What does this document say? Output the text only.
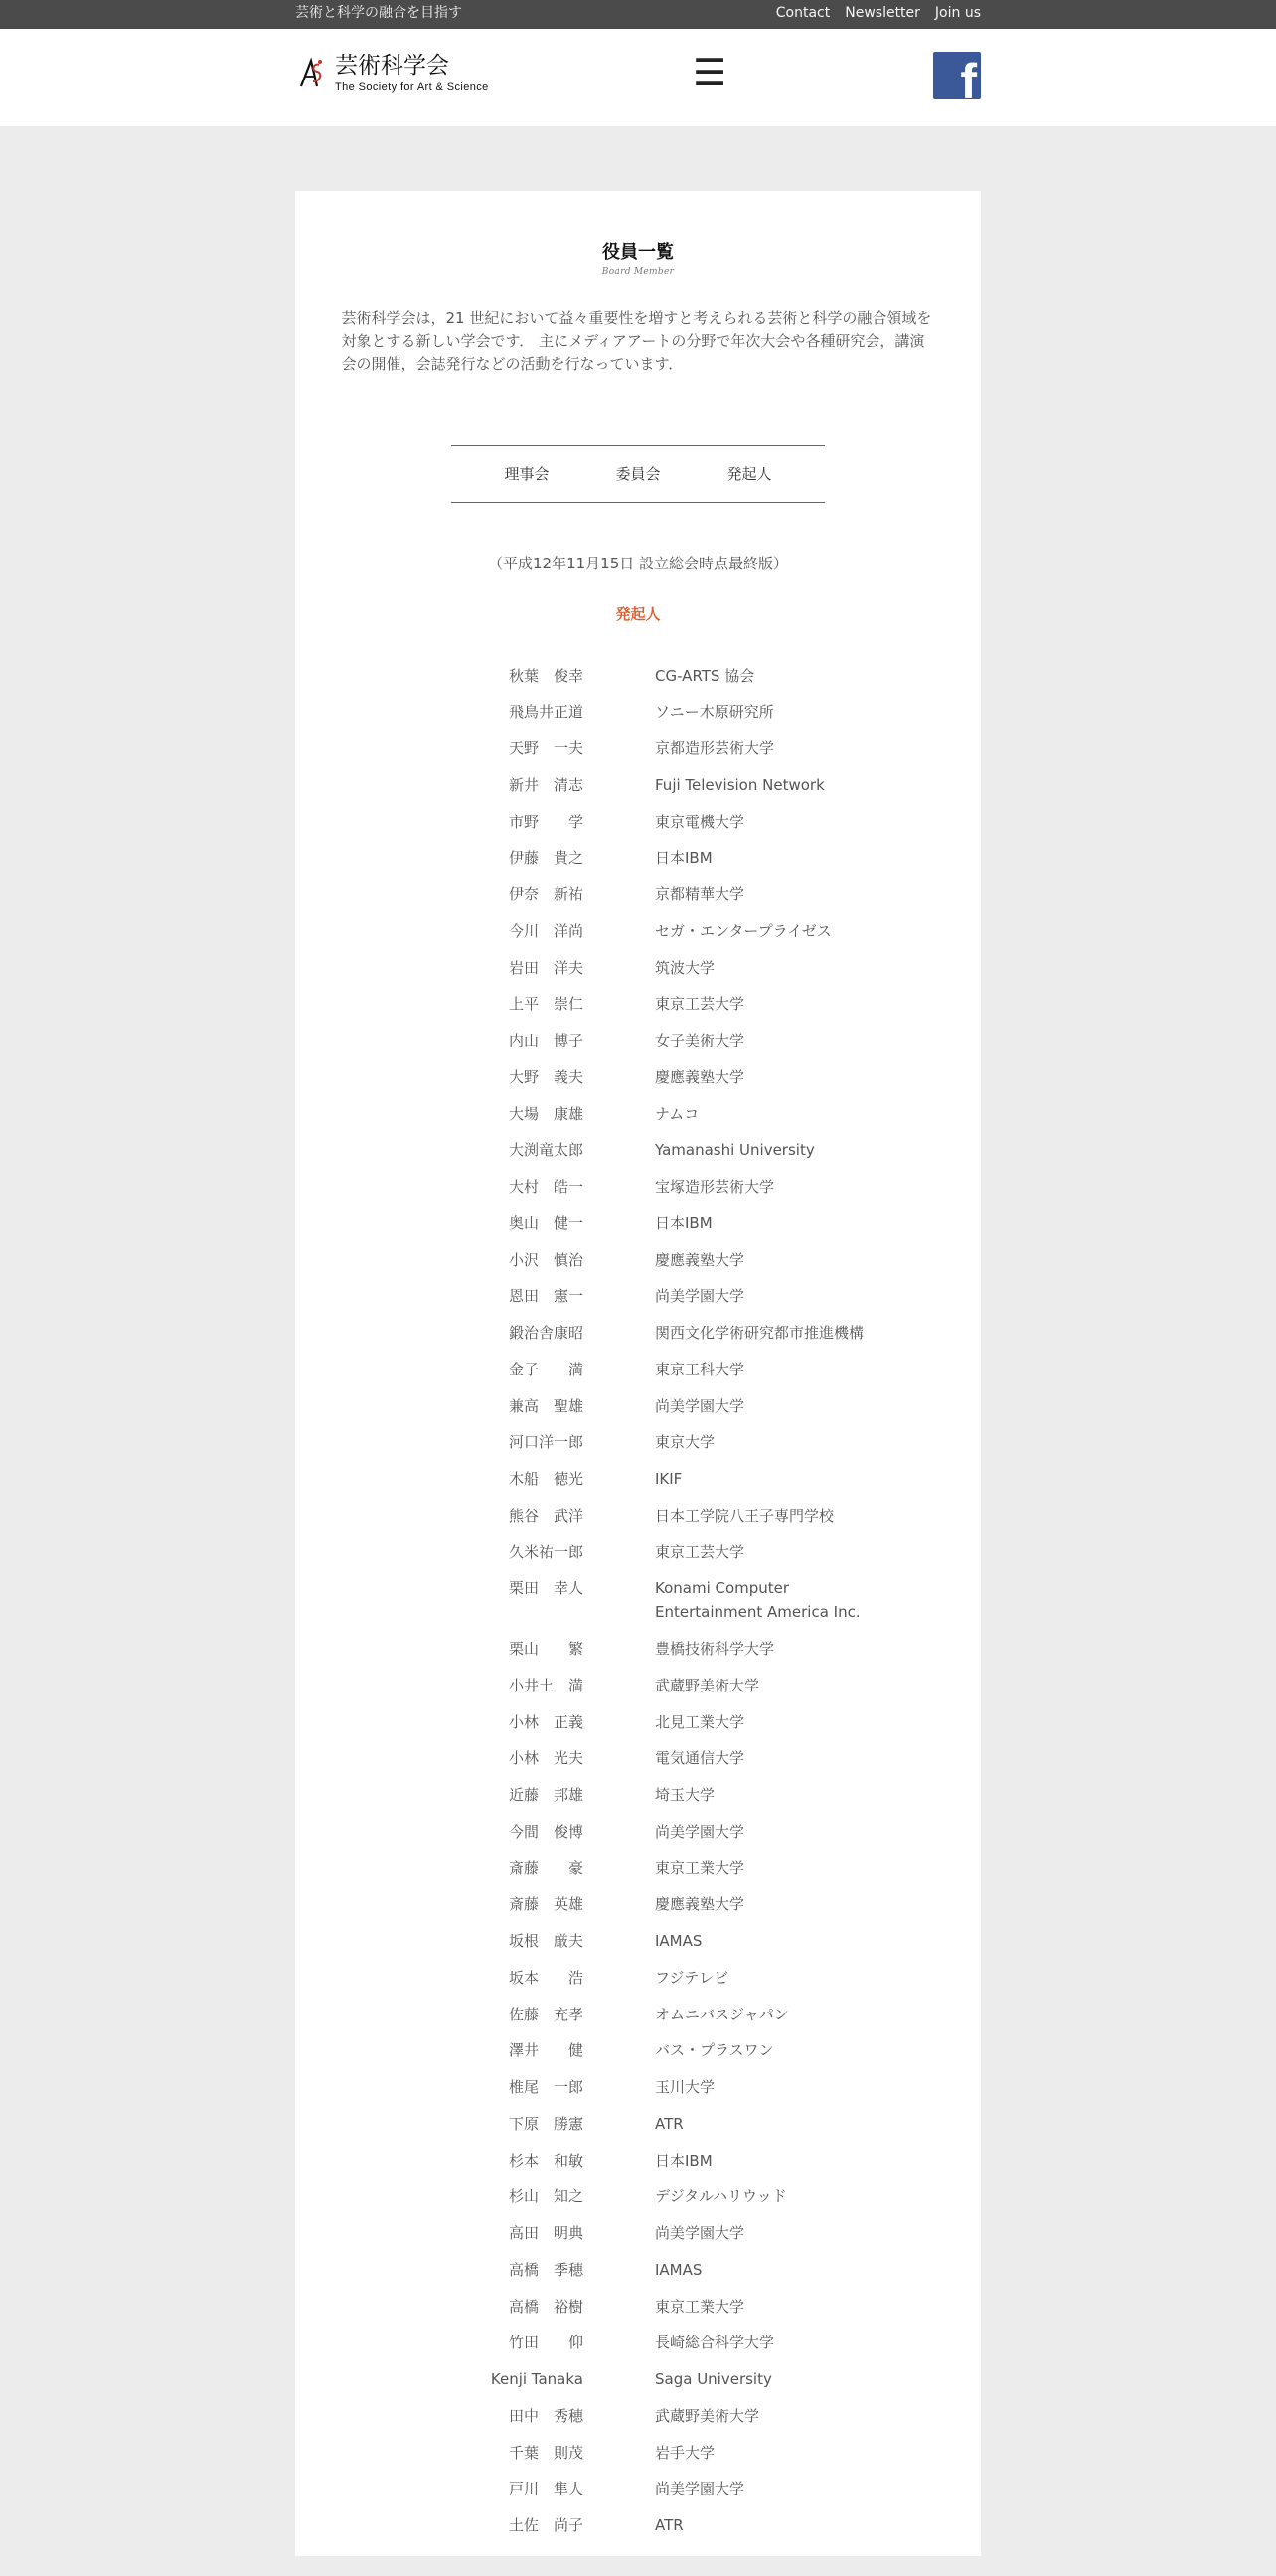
芸術と科学の融合を目指す	Contact Newsletter Join us
芸術科学会
The Society for Art & Science	☰	f
役員一覧
Board Member
芸術科学会は，21 世紀において益々重要性を増すと考えられる芸術と科学の融合領域を対象とする新しい学会です． 主にメディアアートの分野で年次大会や各種研究会，講演会の開催，会誌発行などの活動を行なっています．
理事会	委員会	発起人
（平成12年11月15日 設立総会時点最終版）
発起人
秋葉　俊幸	CG-ARTS 協会
飛鳥井正道	ソニー木原研究所
天野　一夫	京都造形芸術大学
新井　清志	Fuji Television Network
市野　　学	東京電機大学
伊藤　貴之	日本IBM
伊奈　新祐	京都精華大学
今川　洋尚	セガ・エンタープライゼス
岩田　洋夫	筑波大学
上平　崇仁	東京工芸大学
内山　博子	女子美術大学
大野　義夫	慶應義塾大学
大場　康雄	ナムコ
大渕竜太郎	Yamanashi University
大村　皓一	宝塚造形芸術大学
奥山　健一	日本IBM
小沢　慎治	慶應義塾大学
恩田　憲一	尚美学園大学
鍛治舎康昭	関西文化学術研究都市推進機構
金子　　満	東京工科大学
兼高　聖雄	尚美学園大学
河口洋一郎	東京大学
木船　徳光	IKIF
熊谷　武洋	日本工学院八王子専門学校
久米祐一郎	東京工芸大学
栗田　幸人	Konami Computer Entertainment America Inc.
栗山　　繁	豊橋技術科学大学
小井土　満	武蔵野美術大学
小林　正義	北見工業大学
小林　光夫	電気通信大学
近藤　邦雄	埼玉大学
今間　俊博	尚美学園大学
斎藤　　豪	東京工業大学
斎藤　英雄	慶應義塾大学
坂根　厳夫	IAMAS
坂本　　浩	フジテレビ
佐藤　充孝	オムニバスジャパン
澤井　　健	バス・プラスワン
椎尾　一郎	玉川大学
下原　勝憲	ATR
杉本　和敏	日本IBM
杉山　知之	デジタルハリウッド
高田　明典	尚美学園大学
高橋　季穂	IAMAS
高橋　裕樹	東京工業大学
竹田　　仰	長崎総合科学大学
Kenji Tanaka	Saga University
田中　秀穂	武蔵野美術大学
千葉　則茂	岩手大学
戸川　隼人	尚美学園大学
土佐　尚子	ATR
